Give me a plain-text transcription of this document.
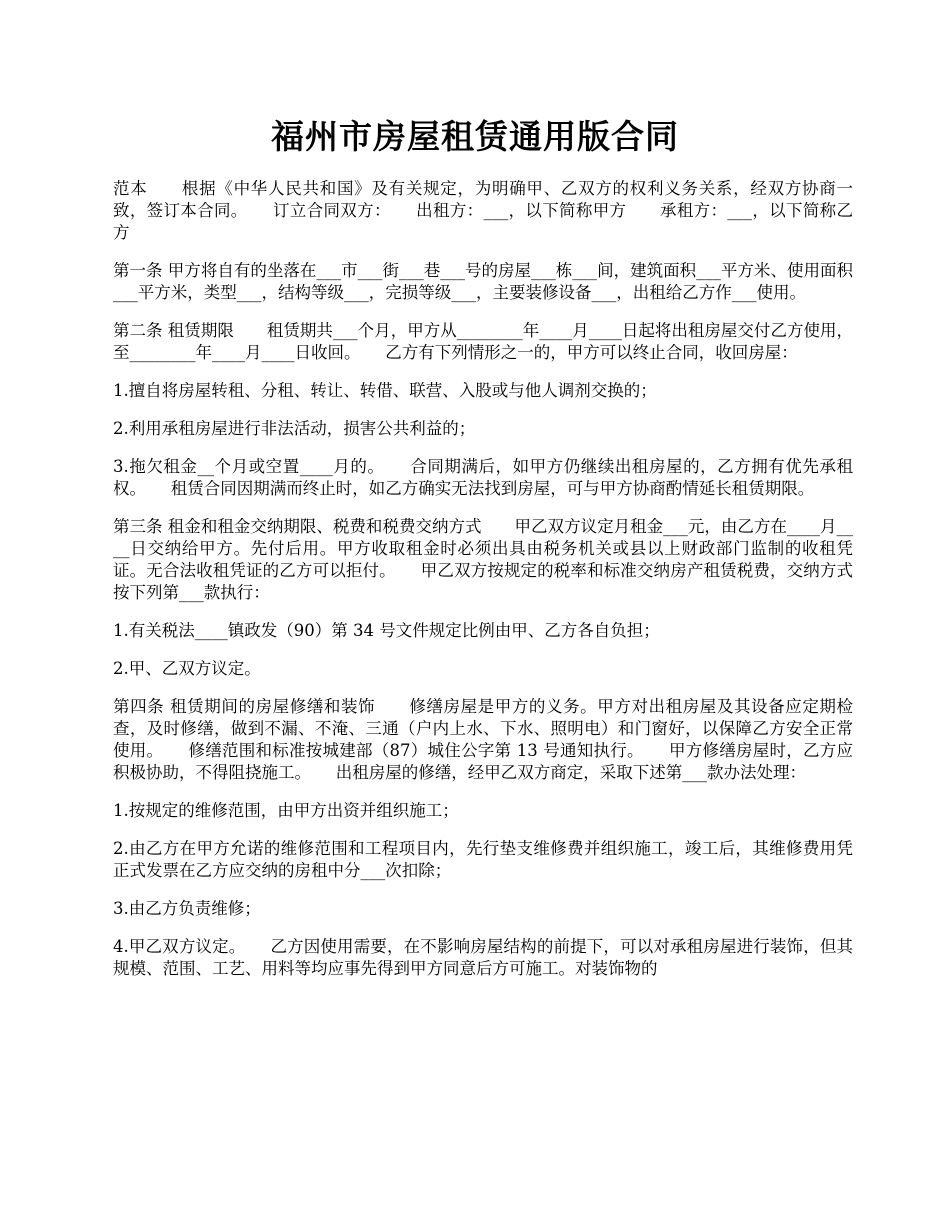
福州市房屋租赁通用版合同

范本　　根据《中华人民共和国》及有关规定，为明确甲、乙双方的权利义务关系，经双方协商一致，签订本合同。　　订立合同双方：　　出租方：___，以下简称甲方　　承租方：___，以下简称乙方

第一条 甲方将自有的坐落在___市___街___巷___号的房屋___栋___间，建筑面积___平方米、使用面积___平方米，类型___，结构等级___，完损等级___，主要装修设备___，出租给乙方作___使用。

第二条 租赁期限　　租赁期共___个月，甲方从________年____月____日起将出租房屋交付乙方使用，至________年____月____日收回。　　乙方有下列情形之一的，甲方可以终止合同，收回房屋：

1.擅自将房屋转租、分租、转让、转借、联营、入股或与他人调剂交换的；

2.利用承租房屋进行非法活动，损害公共利益的；

3.拖欠租金__个月或空置____月的。　　合同期满后，如甲方仍继续出租房屋的，乙方拥有优先承租权。　　租赁合同因期满而终止时，如乙方确实无法找到房屋，可与甲方协商酌情延长租赁期限。

第三条 租金和租金交纳期限、税费和税费交纳方式　　甲乙双方议定月租金___元，由乙方在____月____日交纳给甲方。先付后用。甲方收取租金时必须出具由税务机关或县以上财政部门监制的收租凭证。无合法收租凭证的乙方可以拒付。　　甲乙双方按规定的税率和标准交纳房产租赁税费，交纳方式按下列第___款执行：

1.有关税法____镇政发（90）第 34 号文件规定比例由甲、乙方各自负担；

2.甲、乙双方议定。

第四条 租赁期间的房屋修缮和装饰　　修缮房屋是甲方的义务。甲方对出租房屋及其设备应定期检查，及时修缮，做到不漏、不淹、三通（户内上水、下水、照明电）和门窗好，以保障乙方安全正常使用。　　修缮范围和标准按城建部（87）城住公字第 13 号通知执行。　　甲方修缮房屋时，乙方应积极协助，不得阻挠施工。　　出租房屋的修缮，经甲乙双方商定，采取下述第___款办法处理：

1.按规定的维修范围，由甲方出资并组织施工；

2.由乙方在甲方允诺的维修范围和工程项目内，先行垫支维修费并组织施工，竣工后，其维修费用凭正式发票在乙方应交纳的房租中分___次扣除；

3.由乙方负责维修；

4.甲乙双方议定。　　乙方因使用需要，在不影响房屋结构的前提下，可以对承租房屋进行装饰，但其规模、范围、工艺、用料等均应事先得到甲方同意后方可施工。对装饰物的
